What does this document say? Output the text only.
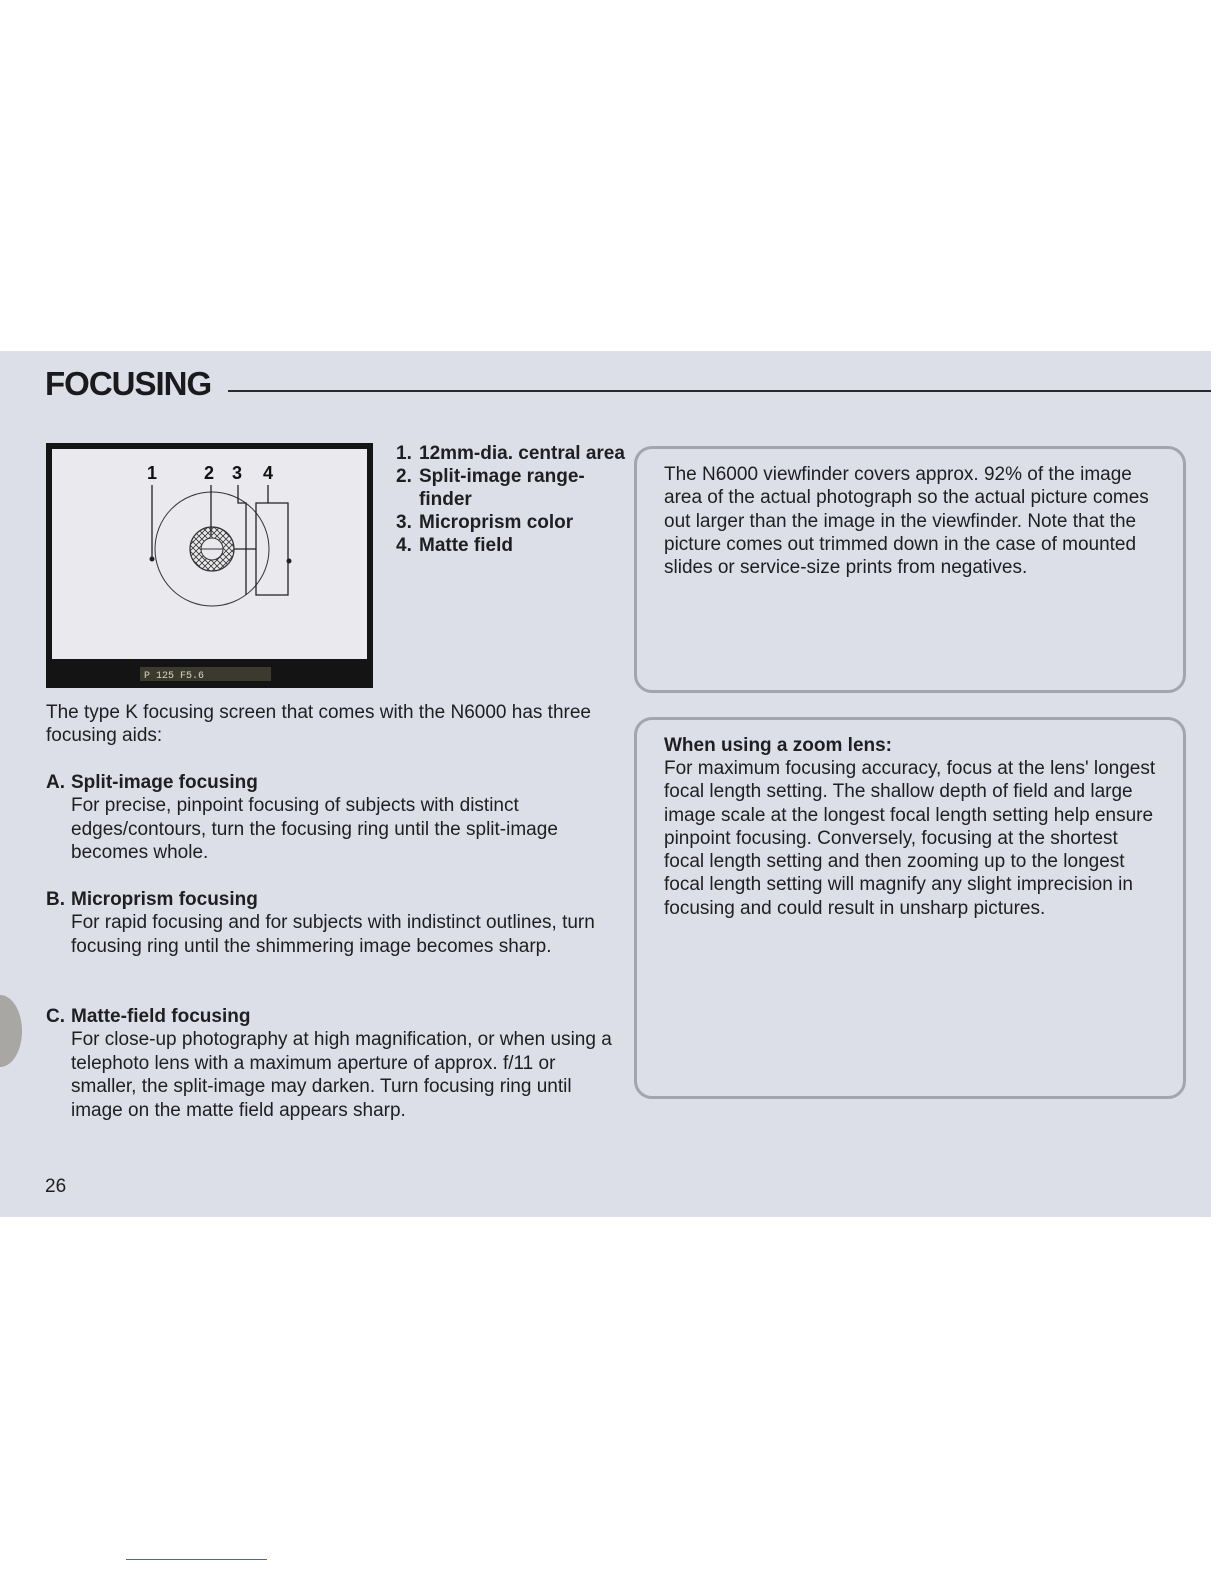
FOCUSING
1	2 3 4
P 125 F5.6
1. 12mm-dia. central area
2. Split-image range-finder
3. Microprism color
4. Matte field

The type K focusing screen that comes with the N6000 has three focusing aids:

A. Split-image focusing

For precise, pinpoint focusing of subjects with distinct edges/contours, turn the focusing ring until the split-image becomes whole.

B. Microprism focusing

For rapid focusing and for subjects with indistinct outlines, turn focusing ring until the shimmering image becomes sharp.

C. Matte-field focusing

For close-up photography at high magnification, or when using a telephoto lens with a maximum aperture of approx. f/11 or smaller, the split-image may darken. Turn focusing ring until image on the matte field appears sharp.

The N6000 viewfinder covers approx. 92% of the image area of the actual photograph so the actual picture comes out larger than the image in the viewfinder. Note that the picture comes out trimmed down in the case of mounted slides or service-size prints from negatives.

When using a zoom lens:

For maximum focusing accuracy, focus at the lens' longest focal length setting. The shallow depth of field and large image scale at the longest focal length setting help ensure pinpoint focusing. Conversely, focusing at the shortest focal length setting and then zooming up to the longest focal length setting will magnify any slight imprecision in focusing and could result in unsharp pictures.

26
